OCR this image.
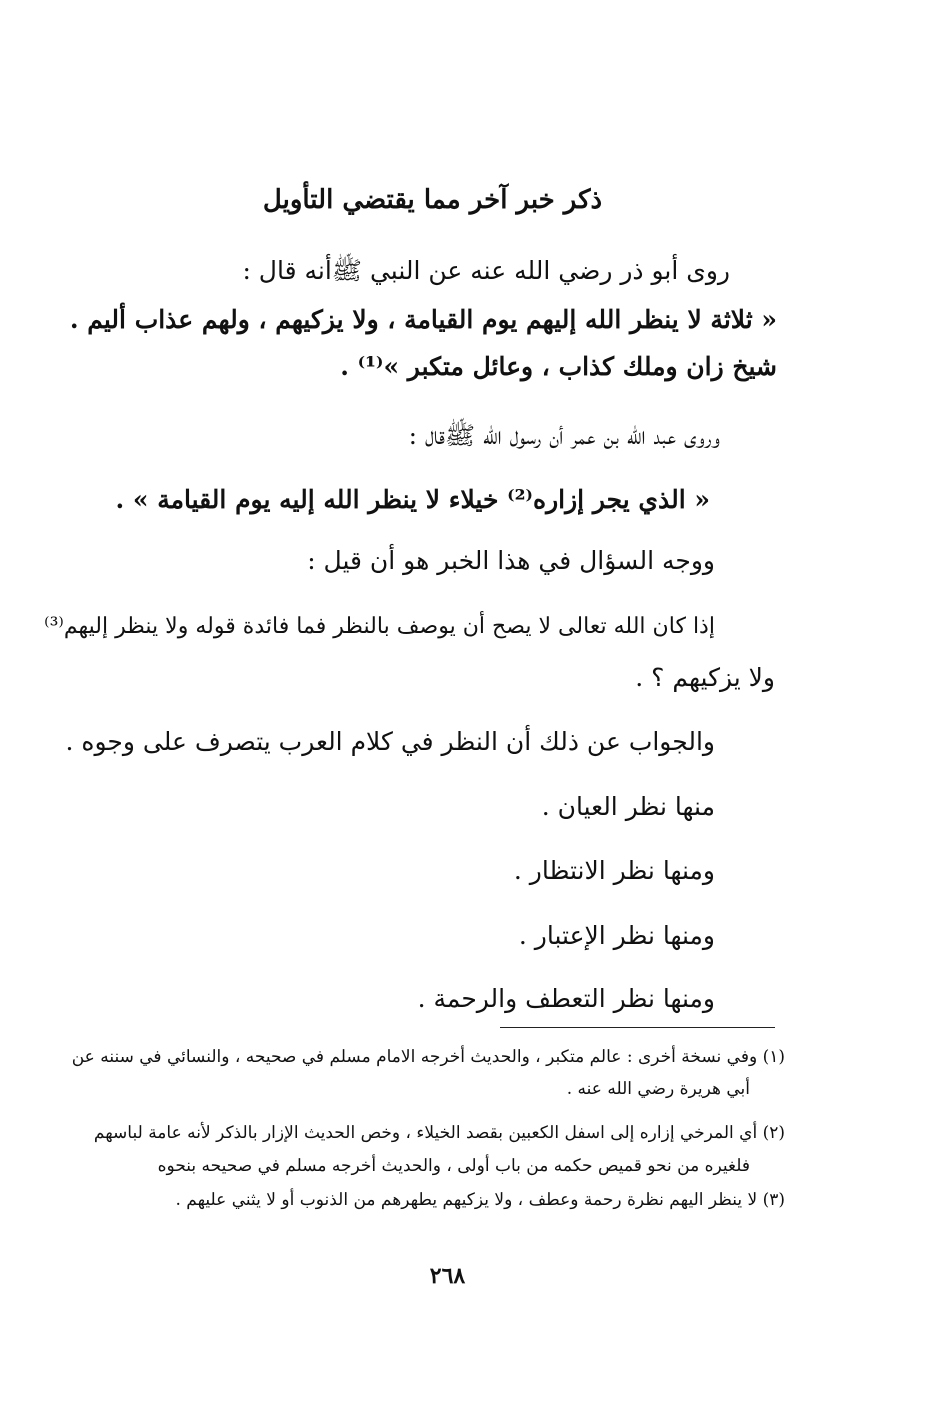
ذكر خبر آخر مما يقتضي التأويل
روى أبو ذر رضي الله عنه عن النبي ﷺأنه قال :
« ثلاثة لا ينظر الله إليهم يوم القيامة ، ولا يزكيهم ، ولهم عذاب أليم .
شيخ زان وملك كذاب ، وعائل متكبر »⁽¹⁾ .
وروى عبد الله بن عمر أن رسول الله ﷺقال :
« الذي يجر إزاره⁽²⁾ خيلاء لا ينظر الله إليه يوم القيامة » .
ووجه السؤال في هذا الخبر هو أن قيل :
إذا كان الله تعالى لا يصح أن يوصف بالنظر فما فائدة قوله ولا ينظر إليهم⁽³⁾
ولا يزكيهم ؟ .
والجواب عن ذلك أن النظر في كلام العرب يتصرف على وجوه .
منها نظر العيان .
ومنها نظر الانتظار .
ومنها نظر الإعتبار .
ومنها نظر التعطف والرحمة .
(١) وفي نسخة أخرى : عالم متكبر ، والحديث أخرجه الامام مسلم في صحيحه ، والنسائي في سننه عن
أبي هريرة رضي الله عنه .
(٢) أي المرخي إزاره إلى اسفل الكعبين بقصد الخيلاء ، وخص الحديث الإزار بالذكر لأنه عامة لباسهم
فلغيره من نحو قميص حكمه من باب أولى ، والحديث أخرجه مسلم في صحيحه بنحوه
(٣) لا ينظر اليهم نظرة رحمة وعطف ، ولا يزكيهم يطهرهم من الذنوب أو لا يثني عليهم .
٢٦٨
